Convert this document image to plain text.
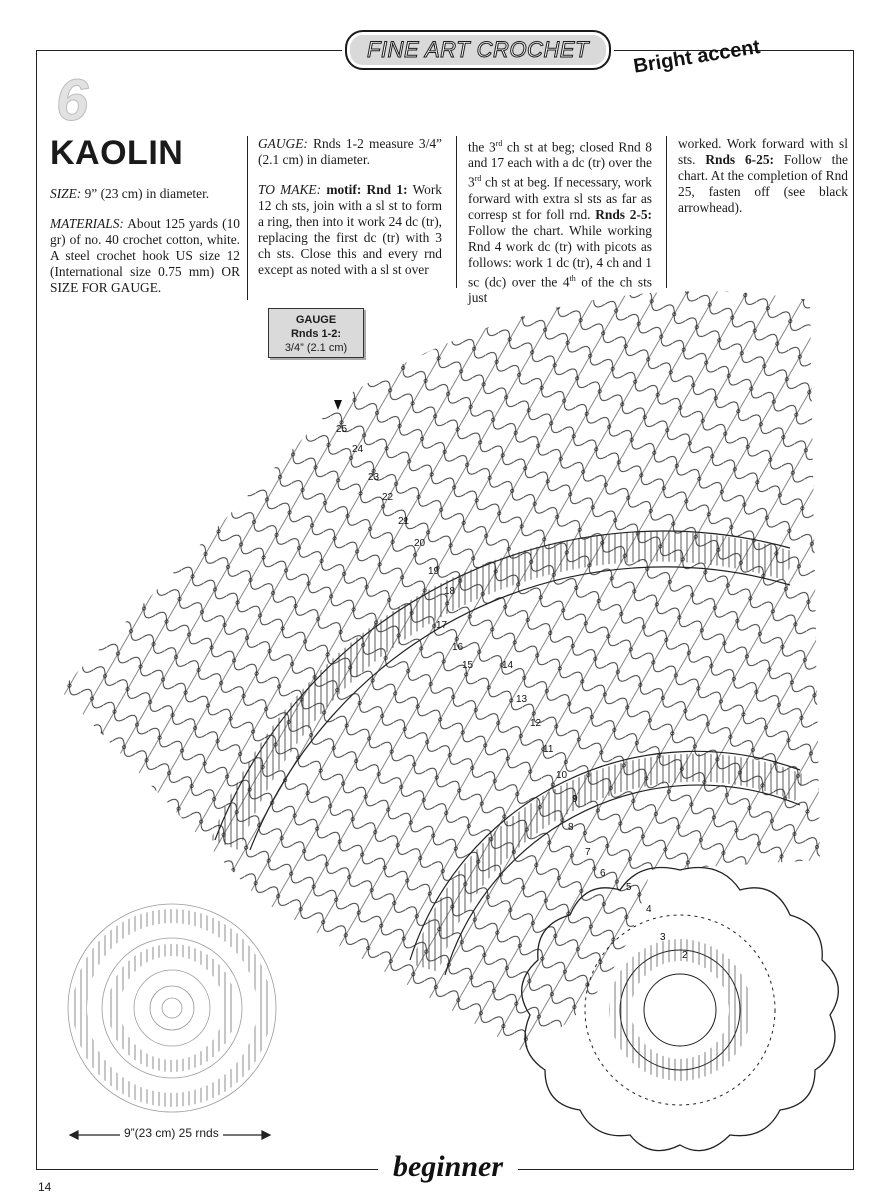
2
3
4
5
6
7
8
9
10
11
12
13
14
15
16
17
18
19
20
21
22
23
24
25
FINE ART CROCHET Bright accent
6
KAOLIN

SIZE: 9” (23 cm) in diameter.

MATERIALS: About 125 yards (10 gr) of no. 40 crochet cotton, white. A steel crochet hook US size 12 (International size 0.75 mm) OR SIZE FOR GAUGE.

GAUGE: Rnds 1-2 measure 3/4” (2.1 cm) in diameter.

TO MAKE: motif: Rnd 1: Work 12 ch sts, join with a sl st to form a ring, then into it work 24 dc (tr), replacing the first dc (tr) with 3 ch sts. Close this and every rnd except as noted with a sl st over

the 3rd ch st at beg; closed Rnd 8 and 17 each with a dc (tr) over the 3rd ch st at beg. If necessary, work forward with extra sl sts as far as corresp st for foll rnd. Rnds 2-5: Follow the chart. While working Rnd 4 work dc (tr) with picots as follows: work 1 dc (tr), 4 ch and 1 sc (dc) over the 4th of the ch sts just

worked. Work forward with sl sts. Rnds 6-25: Follow the chart. At the completion of Rnd 25, fasten off (see black arrowhead).

GAUGE
Rnds 1-2:
3/4” (2.1 cm)
9”(23 cm) 25 rnds
beginner
14
